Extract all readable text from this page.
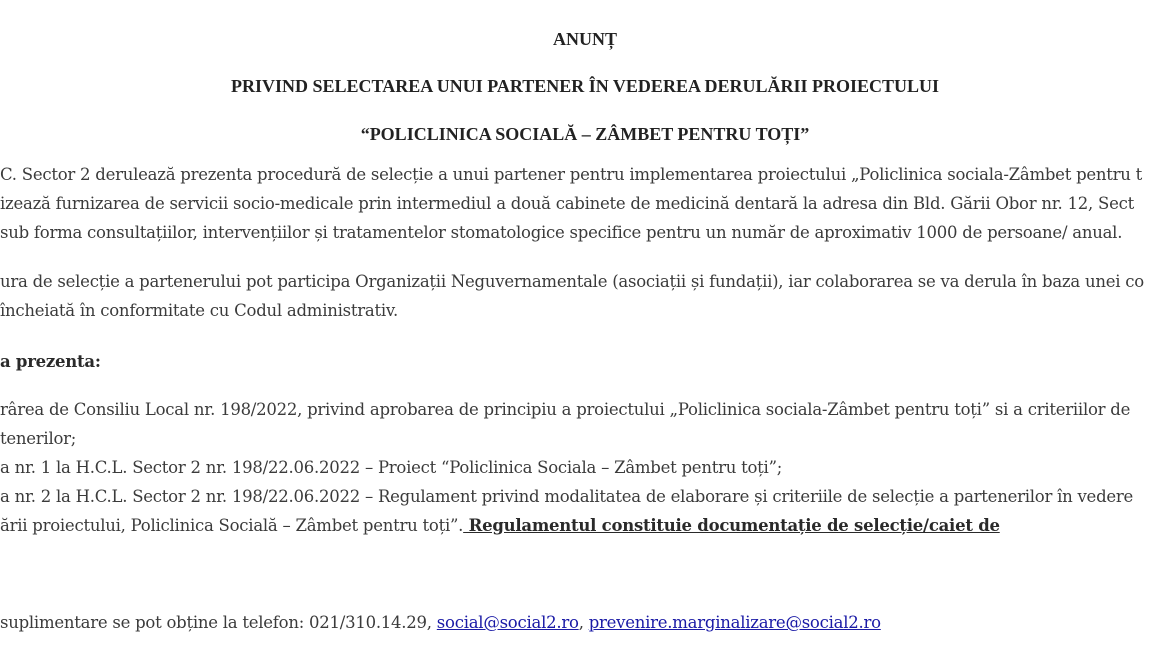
ANUNȚ
PRIVIND SELECTAREA UNUI PARTENER ÎN VEDEREA DERULĂRII PROIECTULUI
“POLICLINICA SOCIALĂ – ZÂMBET PENTRU TOȚI”
C. Sector 2 derulează prezenta procedură de selecție a unui partener pentru implementarea proiectului „Policlinica sociala-Zâmbet pentru t
izează furnizarea de servicii socio-medicale prin intermediul a două cabinete de medicină dentară la adresa din Bld. Gării Obor nr. 12, Sect
sub forma consultațiilor, intervențiilor și tratamentelor stomatologice specifice pentru un număr de aproximativ 1000 de persoane/ anual.
ura de selecție a partenerului pot participa Organizații Neguvernamentale (asociații și fundații), iar colaborarea se va derula în baza unei co
încheiată în conformitate cu Codul administrativ.
a prezenta:
rârea de Consiliu Local nr. 198/2022, privind aprobarea de principiu a proiectului „Policlinica sociala-Zâmbet pentru toți” si a criteriilor de
tenerilor;
a nr. 1 la H.C.L. Sector 2 nr. 198/22.06.2022 – Proiect “Policlinica Sociala – Zâmbet pentru toți”;
a nr. 2 la H.C.L. Sector 2 nr. 198/22.06.2022 – Regulament privind modalitatea de elaborare și criteriile de selecție a partenerilor în vedere
ării proiectului, Policlinica Socială – Zâmbet pentru toți”. Regulamentul constituie documentație de selecție/caiet de
suplimentare se pot obține la telefon: 021/310.14.29, social@social2.ro, prevenire.marginalizare@social2.ro
